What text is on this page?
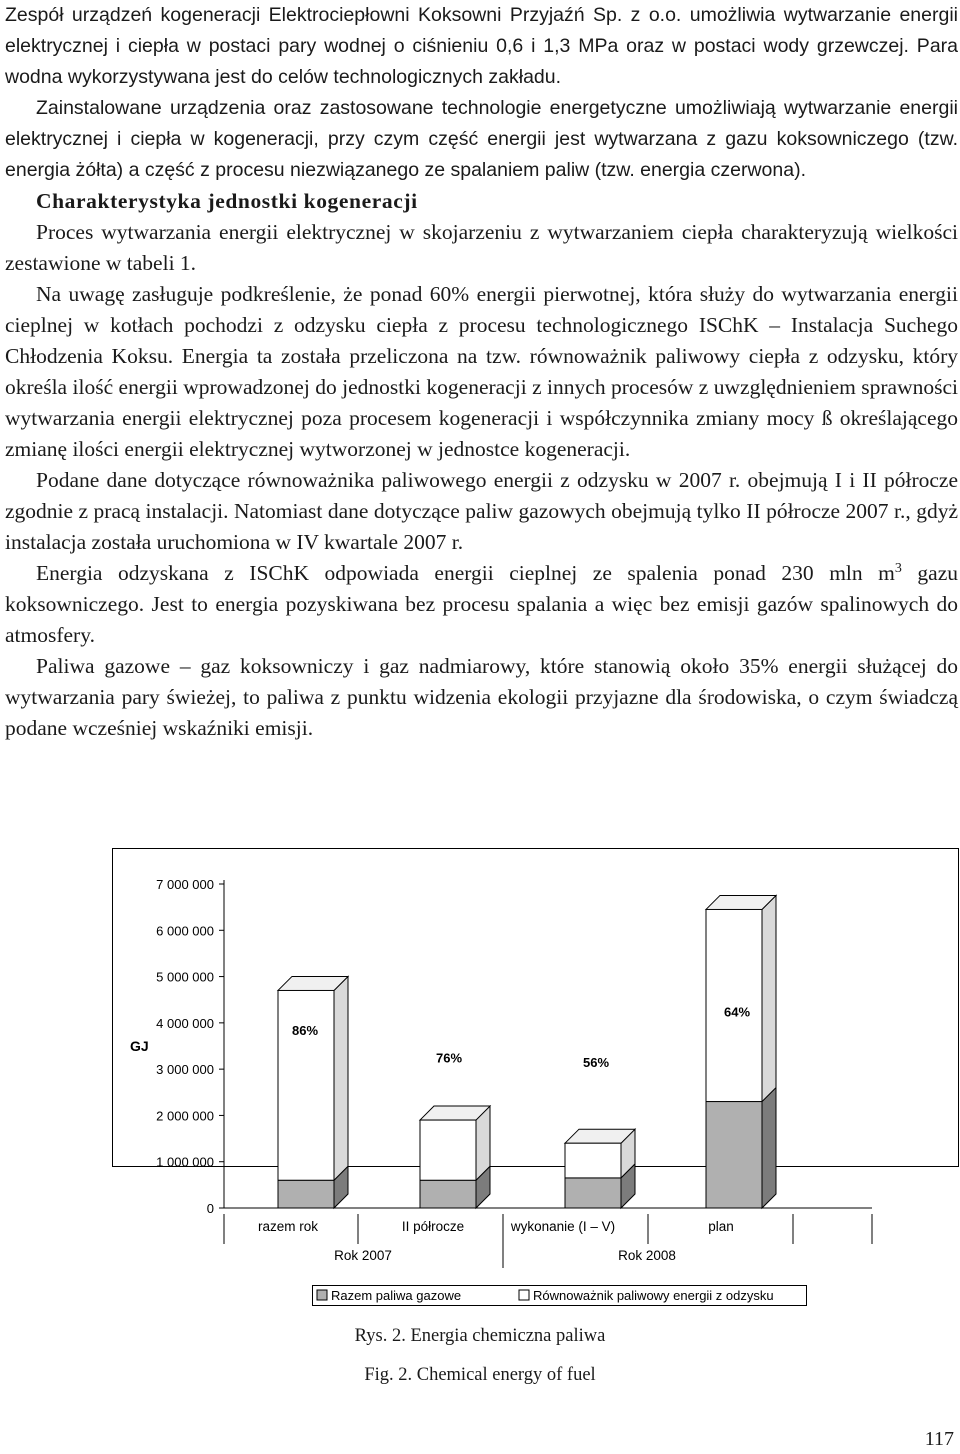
Zespół urządzeń kogeneracji Elektrociepłowni Koksowni Przyjaźń Sp. z o.o. umożliwia wytwarzanie energii elektrycznej i ciepła w postaci pary wodnej o ciśnieniu 0,6 i 1,3 MPa oraz w postaci wody grzewczej. Para wodna wykorzystywana jest do celów technologicznych zakładu.

Zainstalowane urządzenia oraz zastosowane technologie energetyczne umożliwiają wytwarzanie energii elektrycznej i ciepła w kogeneracji, przy czym część energii jest wytwarzana z gazu koksowniczego (tzw. energia żółta) a część z procesu niezwiązanego ze spalaniem paliw (tzw. energia czerwona).

Charakterystyka jednostki kogeneracji

Proces wytwarzania energii elektrycznej w skojarzeniu z wytwarzaniem ciepła charakteryzują wielkości zestawione w tabeli 1.

Na uwagę zasługuje podkreślenie, że ponad 60% energii pierwotnej, która służy do wytwarzania energii cieplnej w kotłach pochodzi z odzysku ciepła z procesu technologicznego ISChK – Instalacja Suchego Chłodzenia Koksu. Energia ta została przeliczona na tzw. równoważnik paliwowy ciepła z odzysku, który określa ilość energii wprowadzonej do jednostki kogeneracji z innych procesów z uwzględnieniem sprawności wytwarzania energii elektrycznej poza procesem kogeneracji i współczynnika zmiany mocy ß określającego zmianę ilości energii elektrycznej wytworzonej w jednostce kogeneracji.

Podane dane dotyczące równoważnika paliwowego energii z odzysku w 2007 r. obejmują I i II półrocze zgodnie z pracą instalacji. Natomiast dane dotyczące paliw gazowych obejmują tylko II półrocze 2007 r., gdyż instalacja została uruchomiona w IV kwartale 2007 r.

Energia odzyskana z ISChK odpowiada energii cieplnej ze spalenia ponad 230 mln $m^3$ gazu koksowniczego. Jest to energia pozyskiwana bez procesu spalania a więc bez emisji gazów spalinowych do atmosfery.

Paliwa gazowe – gaz koksowniczy i gaz nadmiarowy, które stanowią około 35% energii służącej do wytwarzania pary świeżej, to paliwa z punktu widzenia ekologii przyjazne dla środowiska, o czym świadczą podane wcześniej wskaźniki emisji.

0
1 000 000
2 000 000
3 000 000
4 000 000
5 000 000
6 000 000
7 000 000
GJ
86%
razem rok
76%
II półrocze
56%
wykonanie (I – V)
64%
plan
Rok 2007	Rok 2008
Razem paliwa gazowe	Równoważnik paliwowy energii z odzysku
Rys. 2. Energia chemiczna paliwa
Fig. 2. Chemical energy of fuel
117
